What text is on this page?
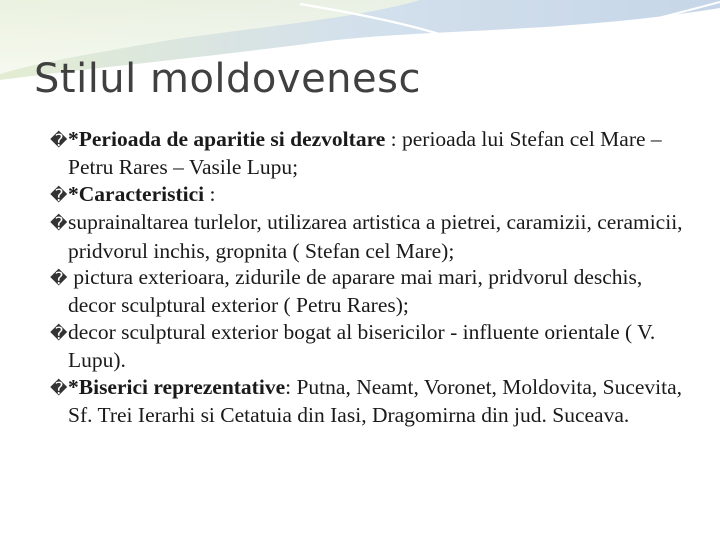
Stilul moldovenesc

�*Perioada de aparitie si dezvoltare : perioada lui Stefan cel Mare – Petru Rares – Vasile Lupu;

�*Caracteristici :

�suprainaltarea turlelor, utilizarea artistica a pietrei, caramizii, ceramicii, pridvorul inchis, gropnita ( Stefan cel Mare);

� pictura exterioara, zidurile de aparare mai mari, pridvorul deschis, decor sculptural exterior ( Petru Rares);

�decor sculptural exterior bogat al bisericilor - influente orientale ( V. Lupu).

�*Biserici reprezentative: Putna, Neamt, Voronet, Moldovita, Sucevita, Sf. Trei Ierarhi si Cetatuia din Iasi, Dragomirna din jud. Suceava.
